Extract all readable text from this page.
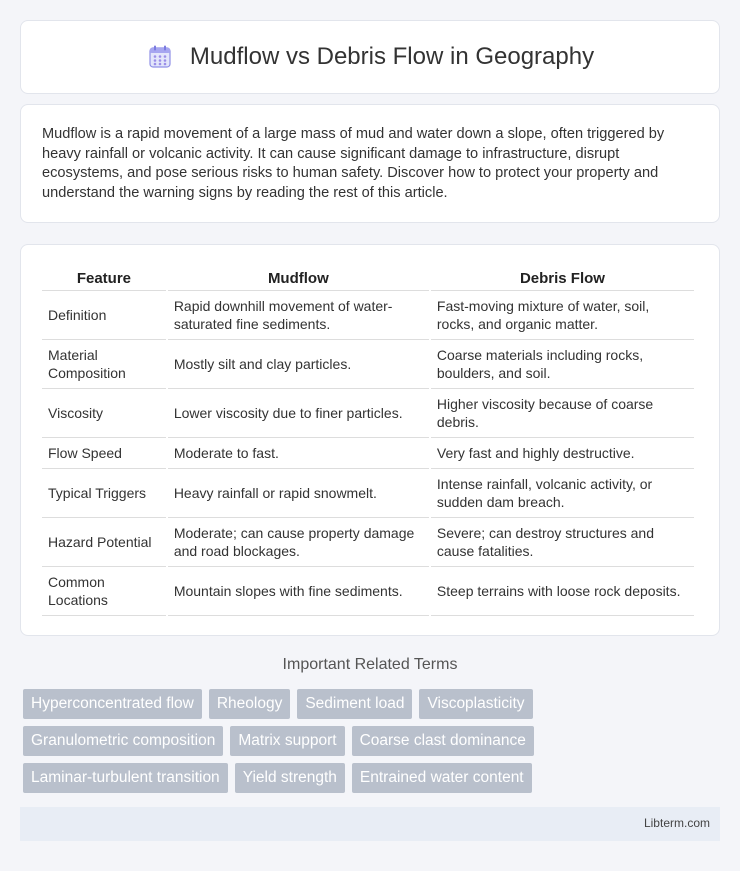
Mudflow vs Debris Flow in Geography

Mudflow is a rapid movement of a large mass of mud and water down a slope, often triggered by heavy rainfall or volcanic activity. It can cause significant damage to infrastructure, disrupt ecosystems, and pose serious risks to human safety. Discover how to protect your property and understand the warning signs by reading the rest of this article.

Feature	Mudflow	Debris Flow
Definition	Rapid downhill movement of water-saturated fine sediments.	Fast-moving mixture of water, soil, rocks, and organic matter.
Material Composition	Mostly silt and clay particles.	Coarse materials including rocks, boulders, and soil.
Viscosity	Lower viscosity due to finer particles.	Higher viscosity because of coarse debris.
Flow Speed	Moderate to fast.	Very fast and highly destructive.
Typical Triggers	Heavy rainfall or rapid snowmelt.	Intense rainfall, volcanic activity, or sudden dam breach.
Hazard Potential	Moderate; can cause property damage and road blockages.	Severe; can destroy structures and cause fatalities.
Common Locations	Mountain slopes with fine sediments.	Steep terrains with loose rock deposits.
Important Related Terms
Hyperconcentrated flow	Rheology	Sediment load	Viscoplasticity
Granulometric composition	Matrix support	Coarse clast dominance
Laminar-turbulent transition	Yield strength	Entrained water content
Libterm.com
